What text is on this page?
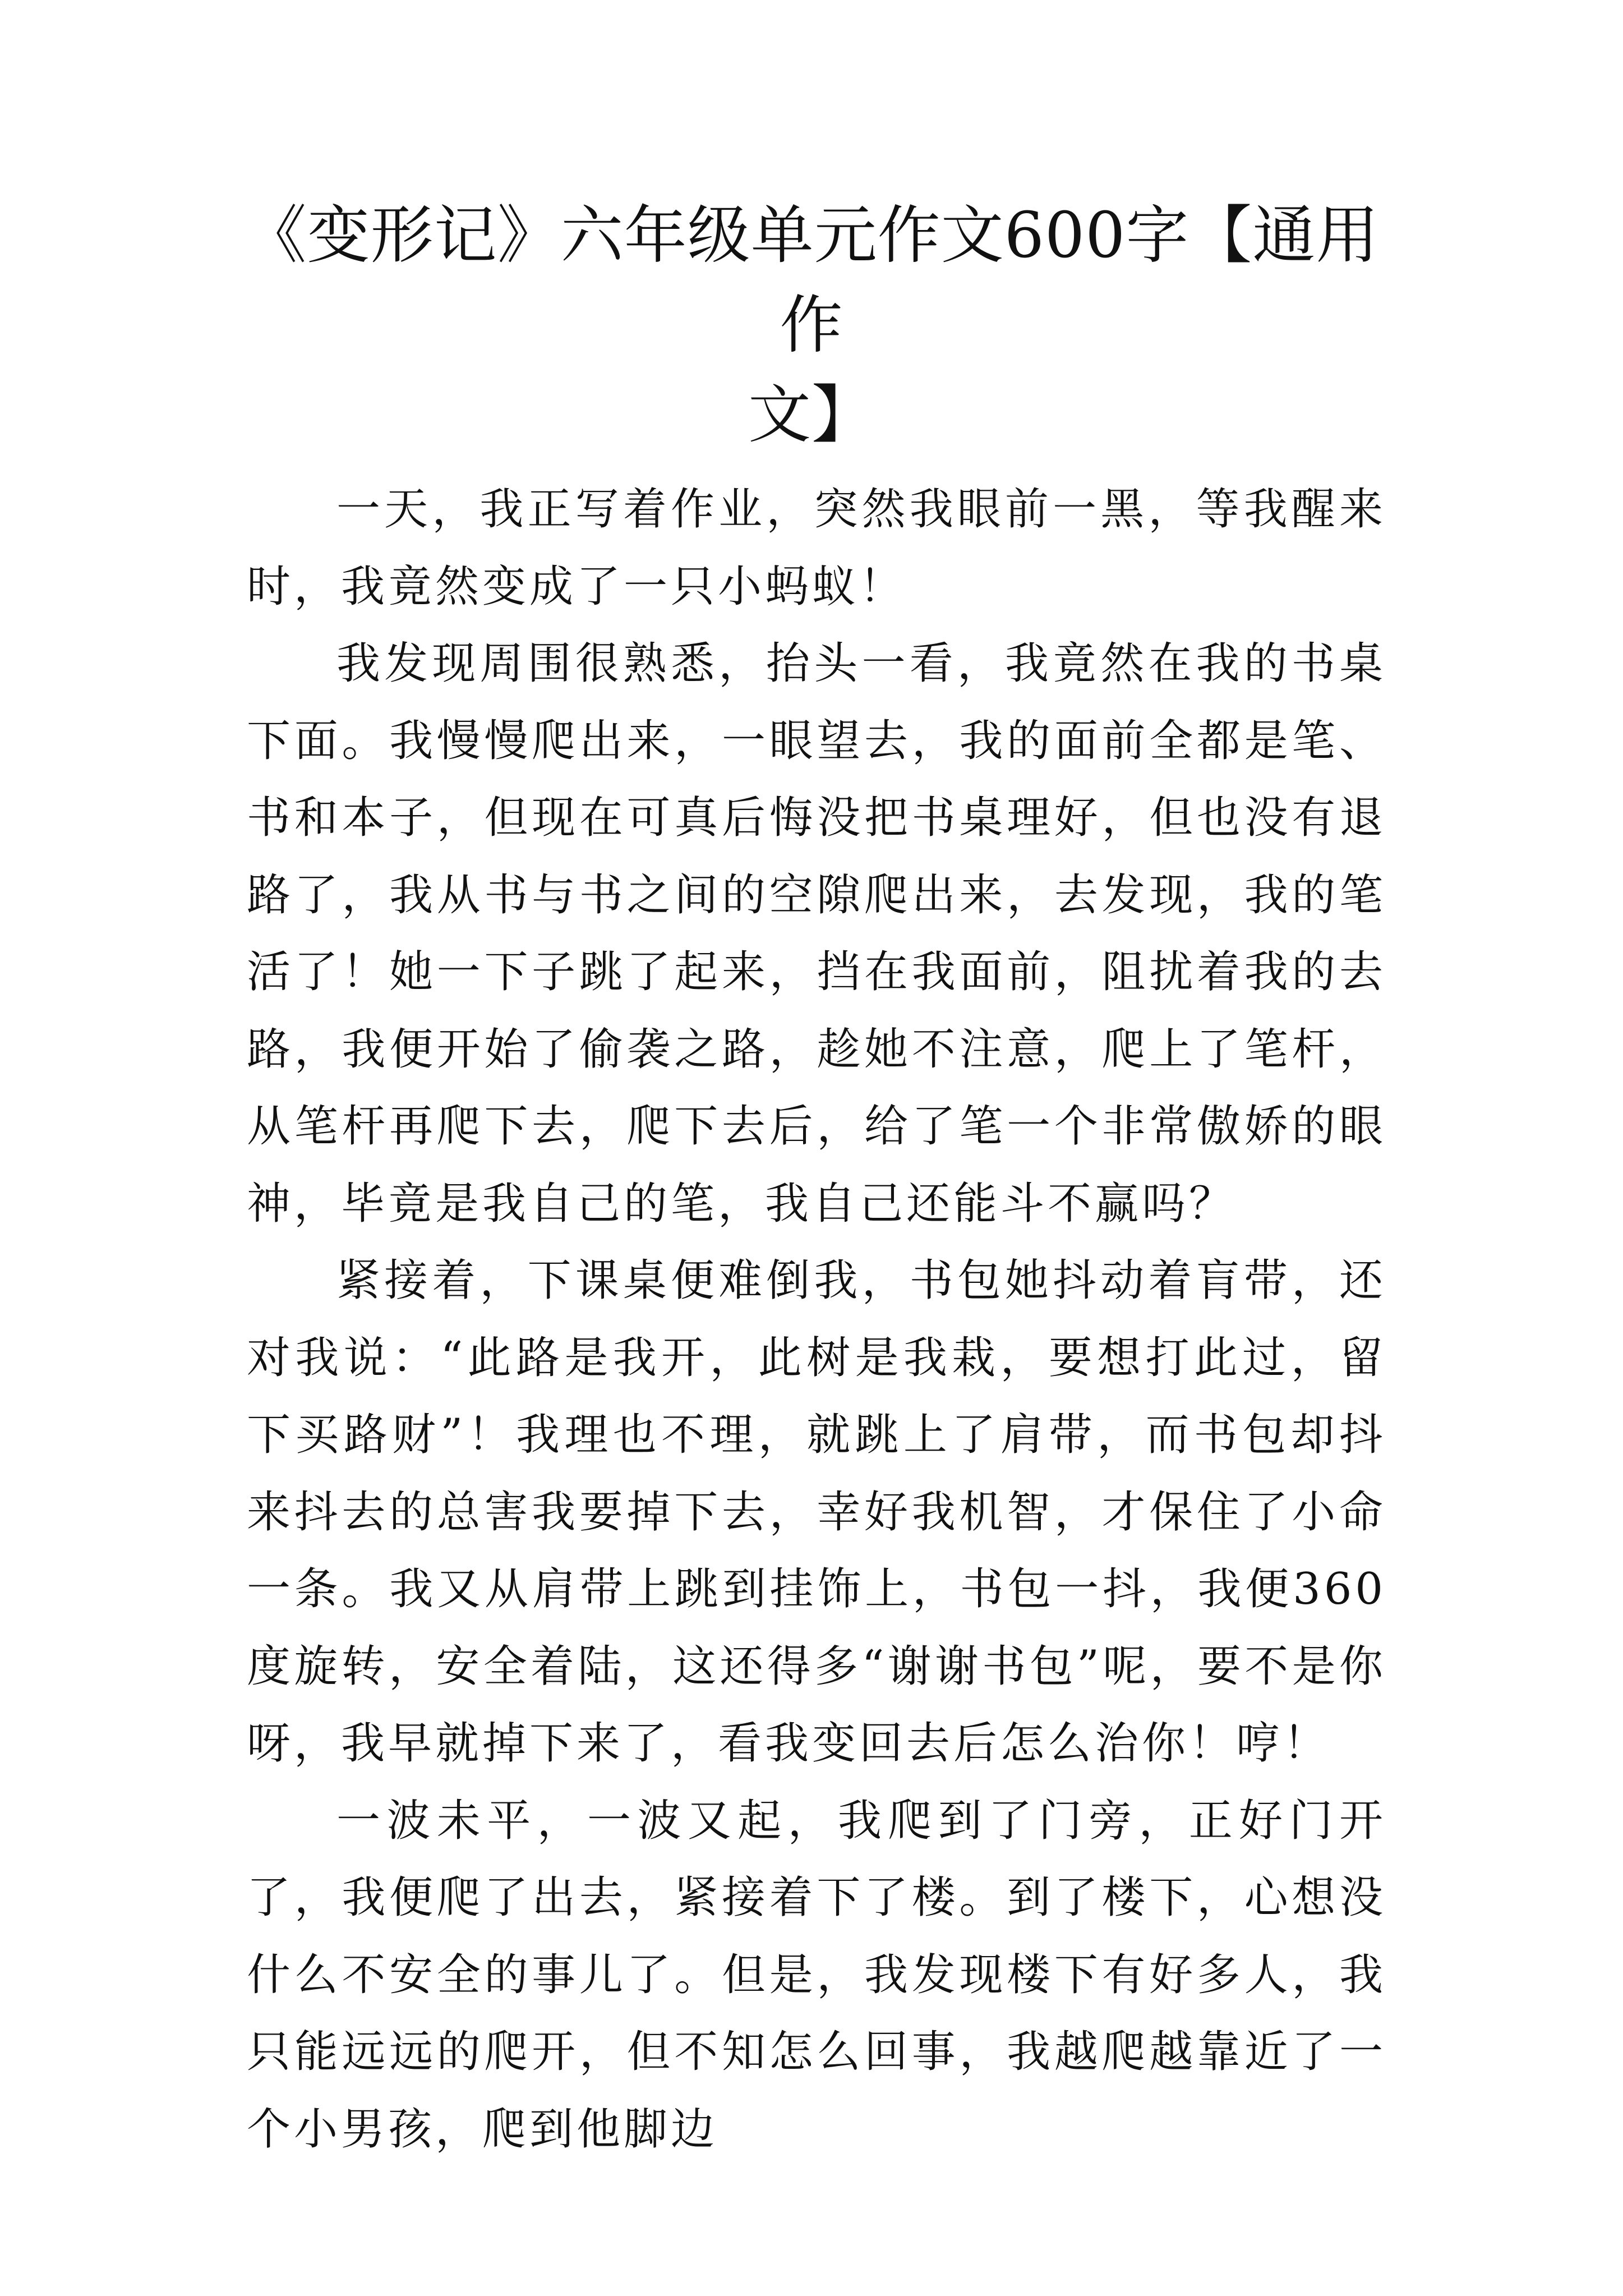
《变形记》六年级单元作文600字【通用作
文】

一天，我正写着作业，突然我眼前一黑，等我醒来时，我竟然变成了一只小蚂蚁！

我发现周围很熟悉，抬头一看，我竟然在我的书桌下面。我慢慢爬出来，一眼望去，我的面前全都是笔、书和本子，但现在可真后悔没把书桌理好，但也没有退路了，我从书与书之间的空隙爬出来，去发现，我的笔活了！她一下子跳了起来，挡在我面前，阻扰着我的去路，我便开始了偷袭之路，趁她不注意，爬上了笔杆，从笔杆再爬下去，爬下去后，给了笔一个非常傲娇的眼神，毕竟是我自己的笔，我自己还能斗不赢吗？

紧接着，下课桌便难倒我，书包她抖动着肓带，还对我说：“此路是我开，此树是我栽，要想打此过，留下买路财”！我理也不理，就跳上了肩带，而书包却抖来抖去的总害我要掉下去，幸好我机智，才保住了小命一条。我又从肩带上跳到挂饰上，书包一抖，我便360度旋转，安全着陆，这还得多“谢谢书包”呢，要不是你呀，我早就掉下来了，看我变回去后怎么治你！哼！

一波未平，一波又起，我爬到了门旁，正好门开了，我便爬了出去，紧接着下了楼。到了楼下，心想没什么不安全的事儿了。但是，我发现楼下有好多人，我只能远远的爬开，但不知怎么回事，我越爬越靠近了一个小男孩，爬到他脚边
